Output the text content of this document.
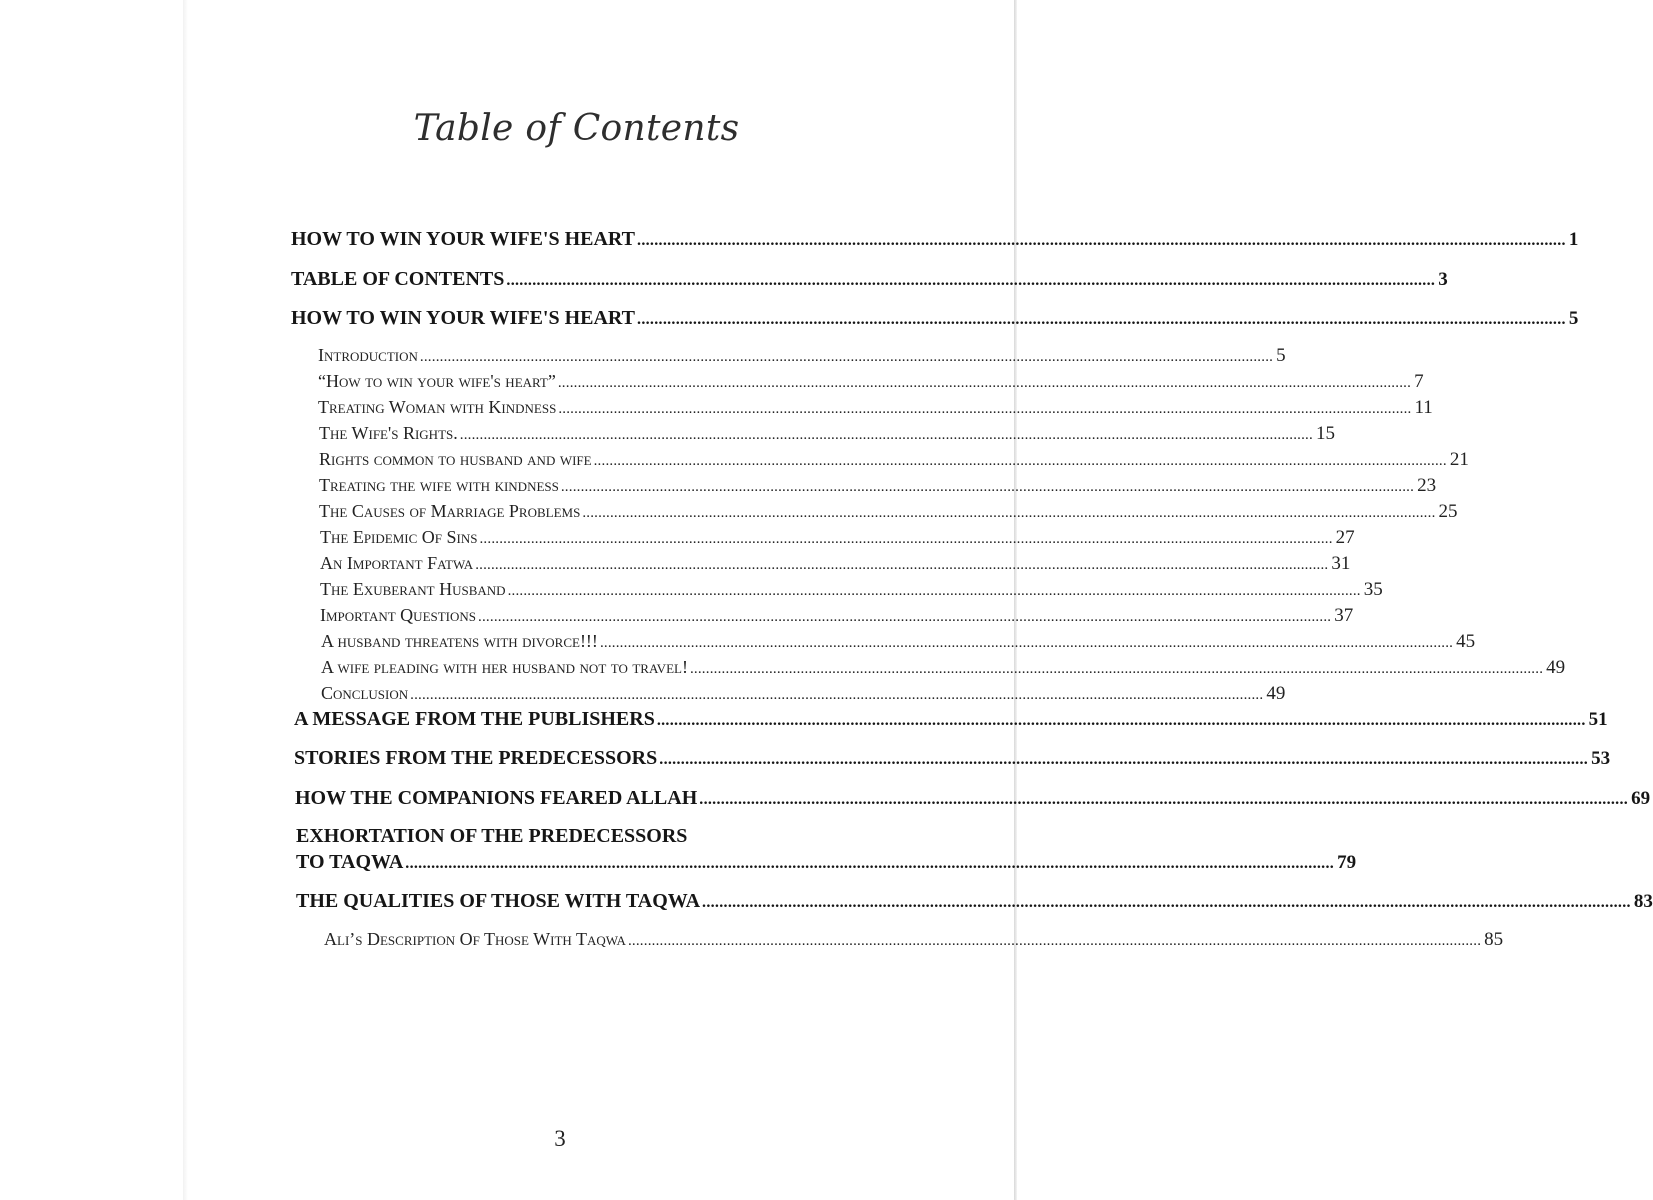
Table of Contents
HOW TO WIN YOUR WIFE'S HEART ........................................................................................................................................................................................................................ 1
TABLE OF CONTENTS ........................................................................................................................................................................................................................ 3
HOW TO WIN YOUR WIFE'S HEART ........................................................................................................................................................................................................................ 5
Introduction ........................................................................................................................................................................................................................ 5
“How to win your wife's heart” ........................................................................................................................................................................................................................ 7
Treating Woman with Kindness ........................................................................................................................................................................................................................ 11
The Wife's Rights. ........................................................................................................................................................................................................................ 15
Rights common to husband and wife ........................................................................................................................................................................................................................ 21
Treating the wife with kindness ........................................................................................................................................................................................................................ 23
The Causes of Marriage Problems ........................................................................................................................................................................................................................ 25
The Epidemic Of Sins ........................................................................................................................................................................................................................ 27
An Important Fatwa ........................................................................................................................................................................................................................ 31
The Exuberant Husband ........................................................................................................................................................................................................................ 35
Important Questions ........................................................................................................................................................................................................................ 37
A husband threatens with divorce!!! ........................................................................................................................................................................................................................ 45
A wife pleading with her husband not to travel! ........................................................................................................................................................................................................................ 49
Conclusion ........................................................................................................................................................................................................................ 49
A MESSAGE FROM THE PUBLISHERS ........................................................................................................................................................................................................................ 51
STORIES FROM THE PREDECESSORS ........................................................................................................................................................................................................................ 53
HOW THE COMPANIONS FEARED ALLAH ........................................................................................................................................................................................................................ 69
EXHORTATION OF THE PREDECESSORS
TO TAQWA ........................................................................................................................................................................................................................ 79
THE QUALITIES OF THOSE WITH TAQWA ........................................................................................................................................................................................................................ 83
Ali’s Description Of Those With Taqwa ........................................................................................................................................................................................................................ 85
3
